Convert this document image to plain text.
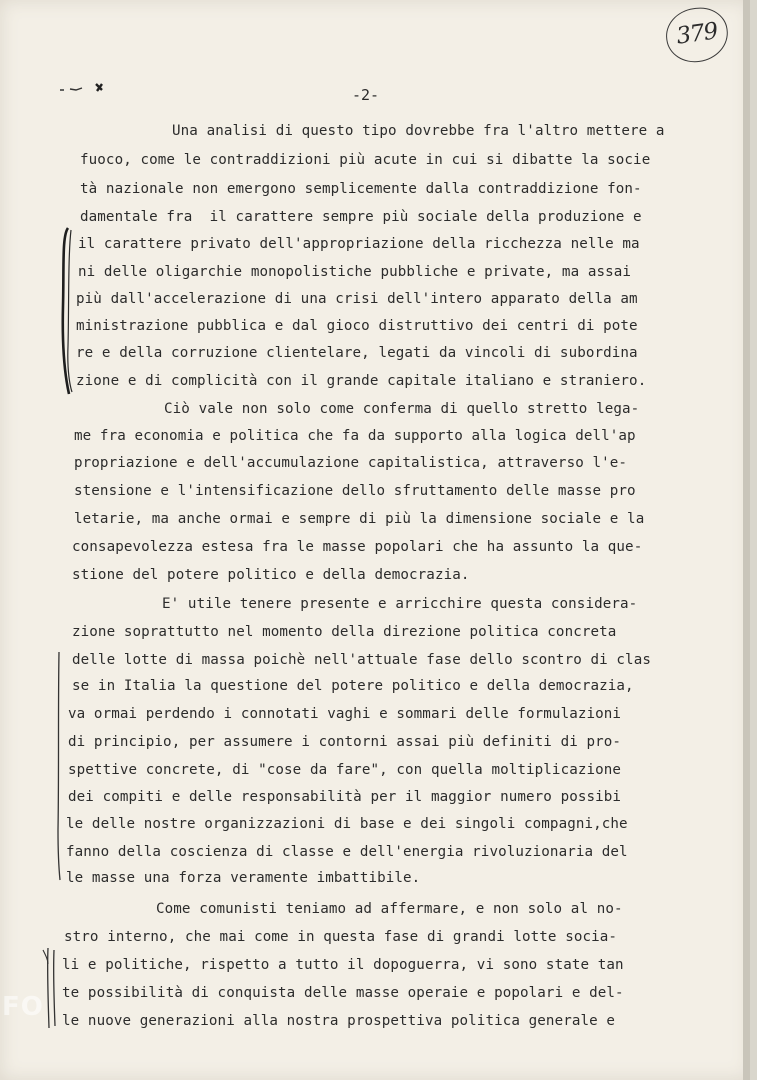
379
-2-
Una analisi di questo tipo dovrebbe fra l'altro mettere a
fuoco, come le contraddizioni più acute in cui si dibatte la socie
tà nazionale non emergono semplicemente dalla contraddizione fon-
damentale fra  il carattere sempre più sociale della produzione e
il carattere privato dell'appropriazione della ricchezza nelle ma
ni delle oligarchie monopolistiche pubbliche e private, ma assai
più dall'accelerazione di una crisi dell'intero apparato della am
ministrazione pubblica e dal gioco distruttivo dei centri di pote
re e della corruzione clientelare, legati da vincoli di subordina
zione e di complicità con il grande capitale italiano e straniero.
Ciò vale non solo come conferma di quello stretto lega-
me fra economia e politica che fa da supporto alla logica dell'ap
propriazione e dell'accumulazione capitalistica, attraverso l'e-
stensione e l'intensificazione dello sfruttamento delle masse pro
letarie, ma anche ormai e sempre di più la dimensione sociale e la
consapevolezza estesa fra le masse popolari che ha assunto la que-
stione del potere politico e della democrazia.
E' utile tenere presente e arricchire questa considera-
zione soprattutto nel momento della direzione politica concreta
delle lotte di massa poichè nell'attuale fase dello scontro di clas
se in Italia la questione del potere politico e della democrazia,
va ormai perdendo i connotati vaghi e sommari delle formulazioni
di principio, per assumere i contorni assai più definiti di pro-
spettive concrete, di "cose da fare", con quella moltiplicazione
dei compiti e delle responsabilità per il maggior numero possibi
le delle nostre organizzazioni di base e dei singoli compagni,che
fanno della coscienza di classe e dell'energia rivoluzionaria del
le masse una forza veramente imbattibile.
Come comunisti teniamo ad affermare, e non solo al no-
stro interno, che mai come in questa fase di grandi lotte socia-
li e politiche, rispetto a tutto il dopoguerra, vi sono state tan
te possibilità di conquista delle masse operaie e popolari e del-
le nuove generazioni alla nostra prospettiva politica generale e
FO
